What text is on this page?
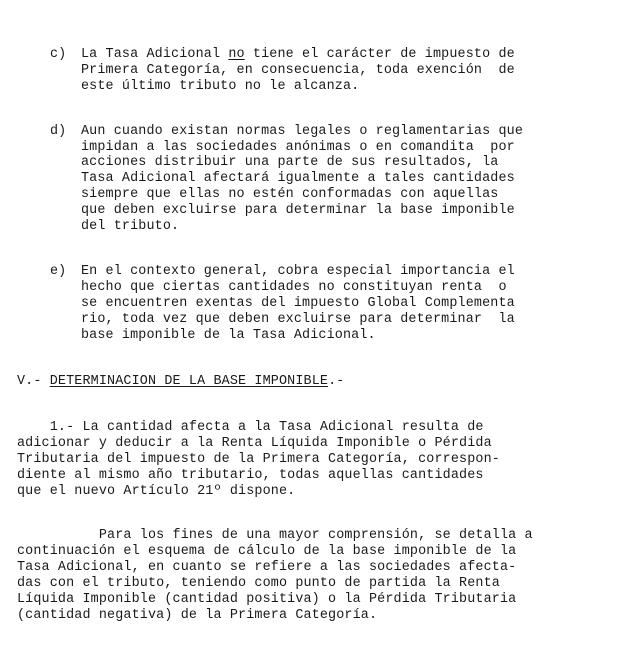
c) La Tasa Adicional no tiene el carácter de impuesto de
Primera Categoría, en consecuencia, toda exención  de
este último tributo no le alcanza.
d) Aun cuando existan normas legales o reglamentarias que
impidan a las sociedades anónimas o en comandita  por
acciones distribuir una parte de sus resultados, la
Tasa Adicional afectará igualmente a tales cantidades
siempre que ellas no estén conformadas con aquellas
que deben excluirse para determinar la base imponible
del tributo.
e) En el contexto general, cobra especial importancia el
hecho que ciertas cantidades no constituyan renta  o
se encuentren exentas del impuesto Global Complementa
rio, toda vez que deben excluirse para determinar  la
base imponible de la Tasa Adicional.
V.- DETERMINACION DE LA BASE IMPONIBLE.-
1.- La cantidad afecta a la Tasa Adicional resulta de
adicionar y deducir a la Renta Líquida Imponible o Pérdida
Tributaria del impuesto de la Primera Categoría, correspon-
diente al mismo año tributario, todas aquellas cantidades
que el nuevo Artículo 21º dispone.
Para los fines de una mayor comprensión, se detalla a
continuación el esquema de cálculo de la base imponible de la
Tasa Adicional, en cuanto se refiere a las sociedades afecta-
das con el tributo, teniendo como punto de partida la Renta
Líquida Imponible (cantidad positiva) o la Pérdida Tributaria
(cantidad negativa) de la Primera Categoría.
